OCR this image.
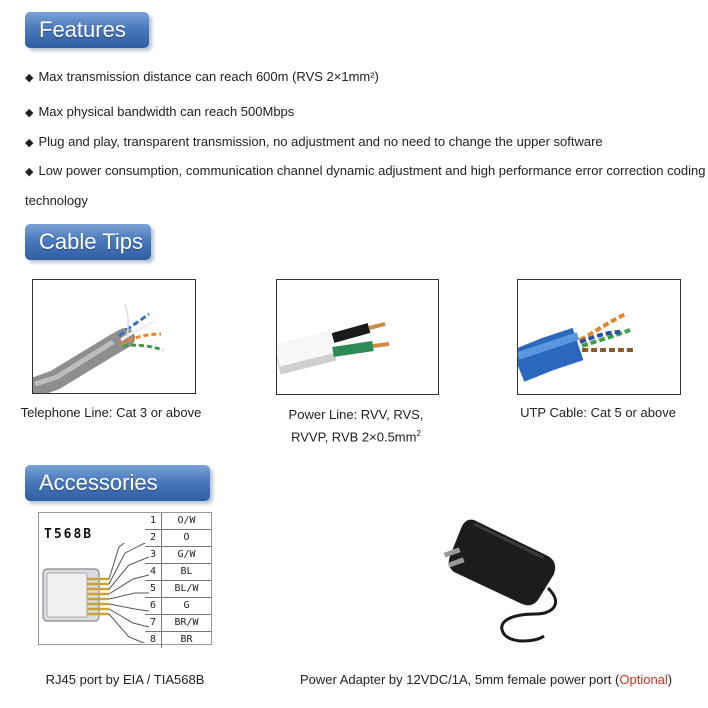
Features
◆ Max transmission distance can reach 600m (RVS 2×1mm²)
◆ Max physical bandwidth can reach 500Mbps
◆ Plug and play, transparent transmission, no adjustment and no need to change the upper software
◆ Low power consumption, communication channel dynamic adjustment and high performance error correction coding
technology
Cable Tips
Telephone Line: Cat 3 or above	Power Line: RVV, RVS,
RVVP, RVB $2\times 0.5mm^2$
UTP Cable: Cat 5 or above
Accessories
T568B
1	O/W
2	O
3	G/W
4	BL
5	BL/W
6	G
7	BR/W
8	BR
RJ45 port by EIA / TIA568B	Power Adapter by 12VDC/1A, 5mm female power port (Optional)
